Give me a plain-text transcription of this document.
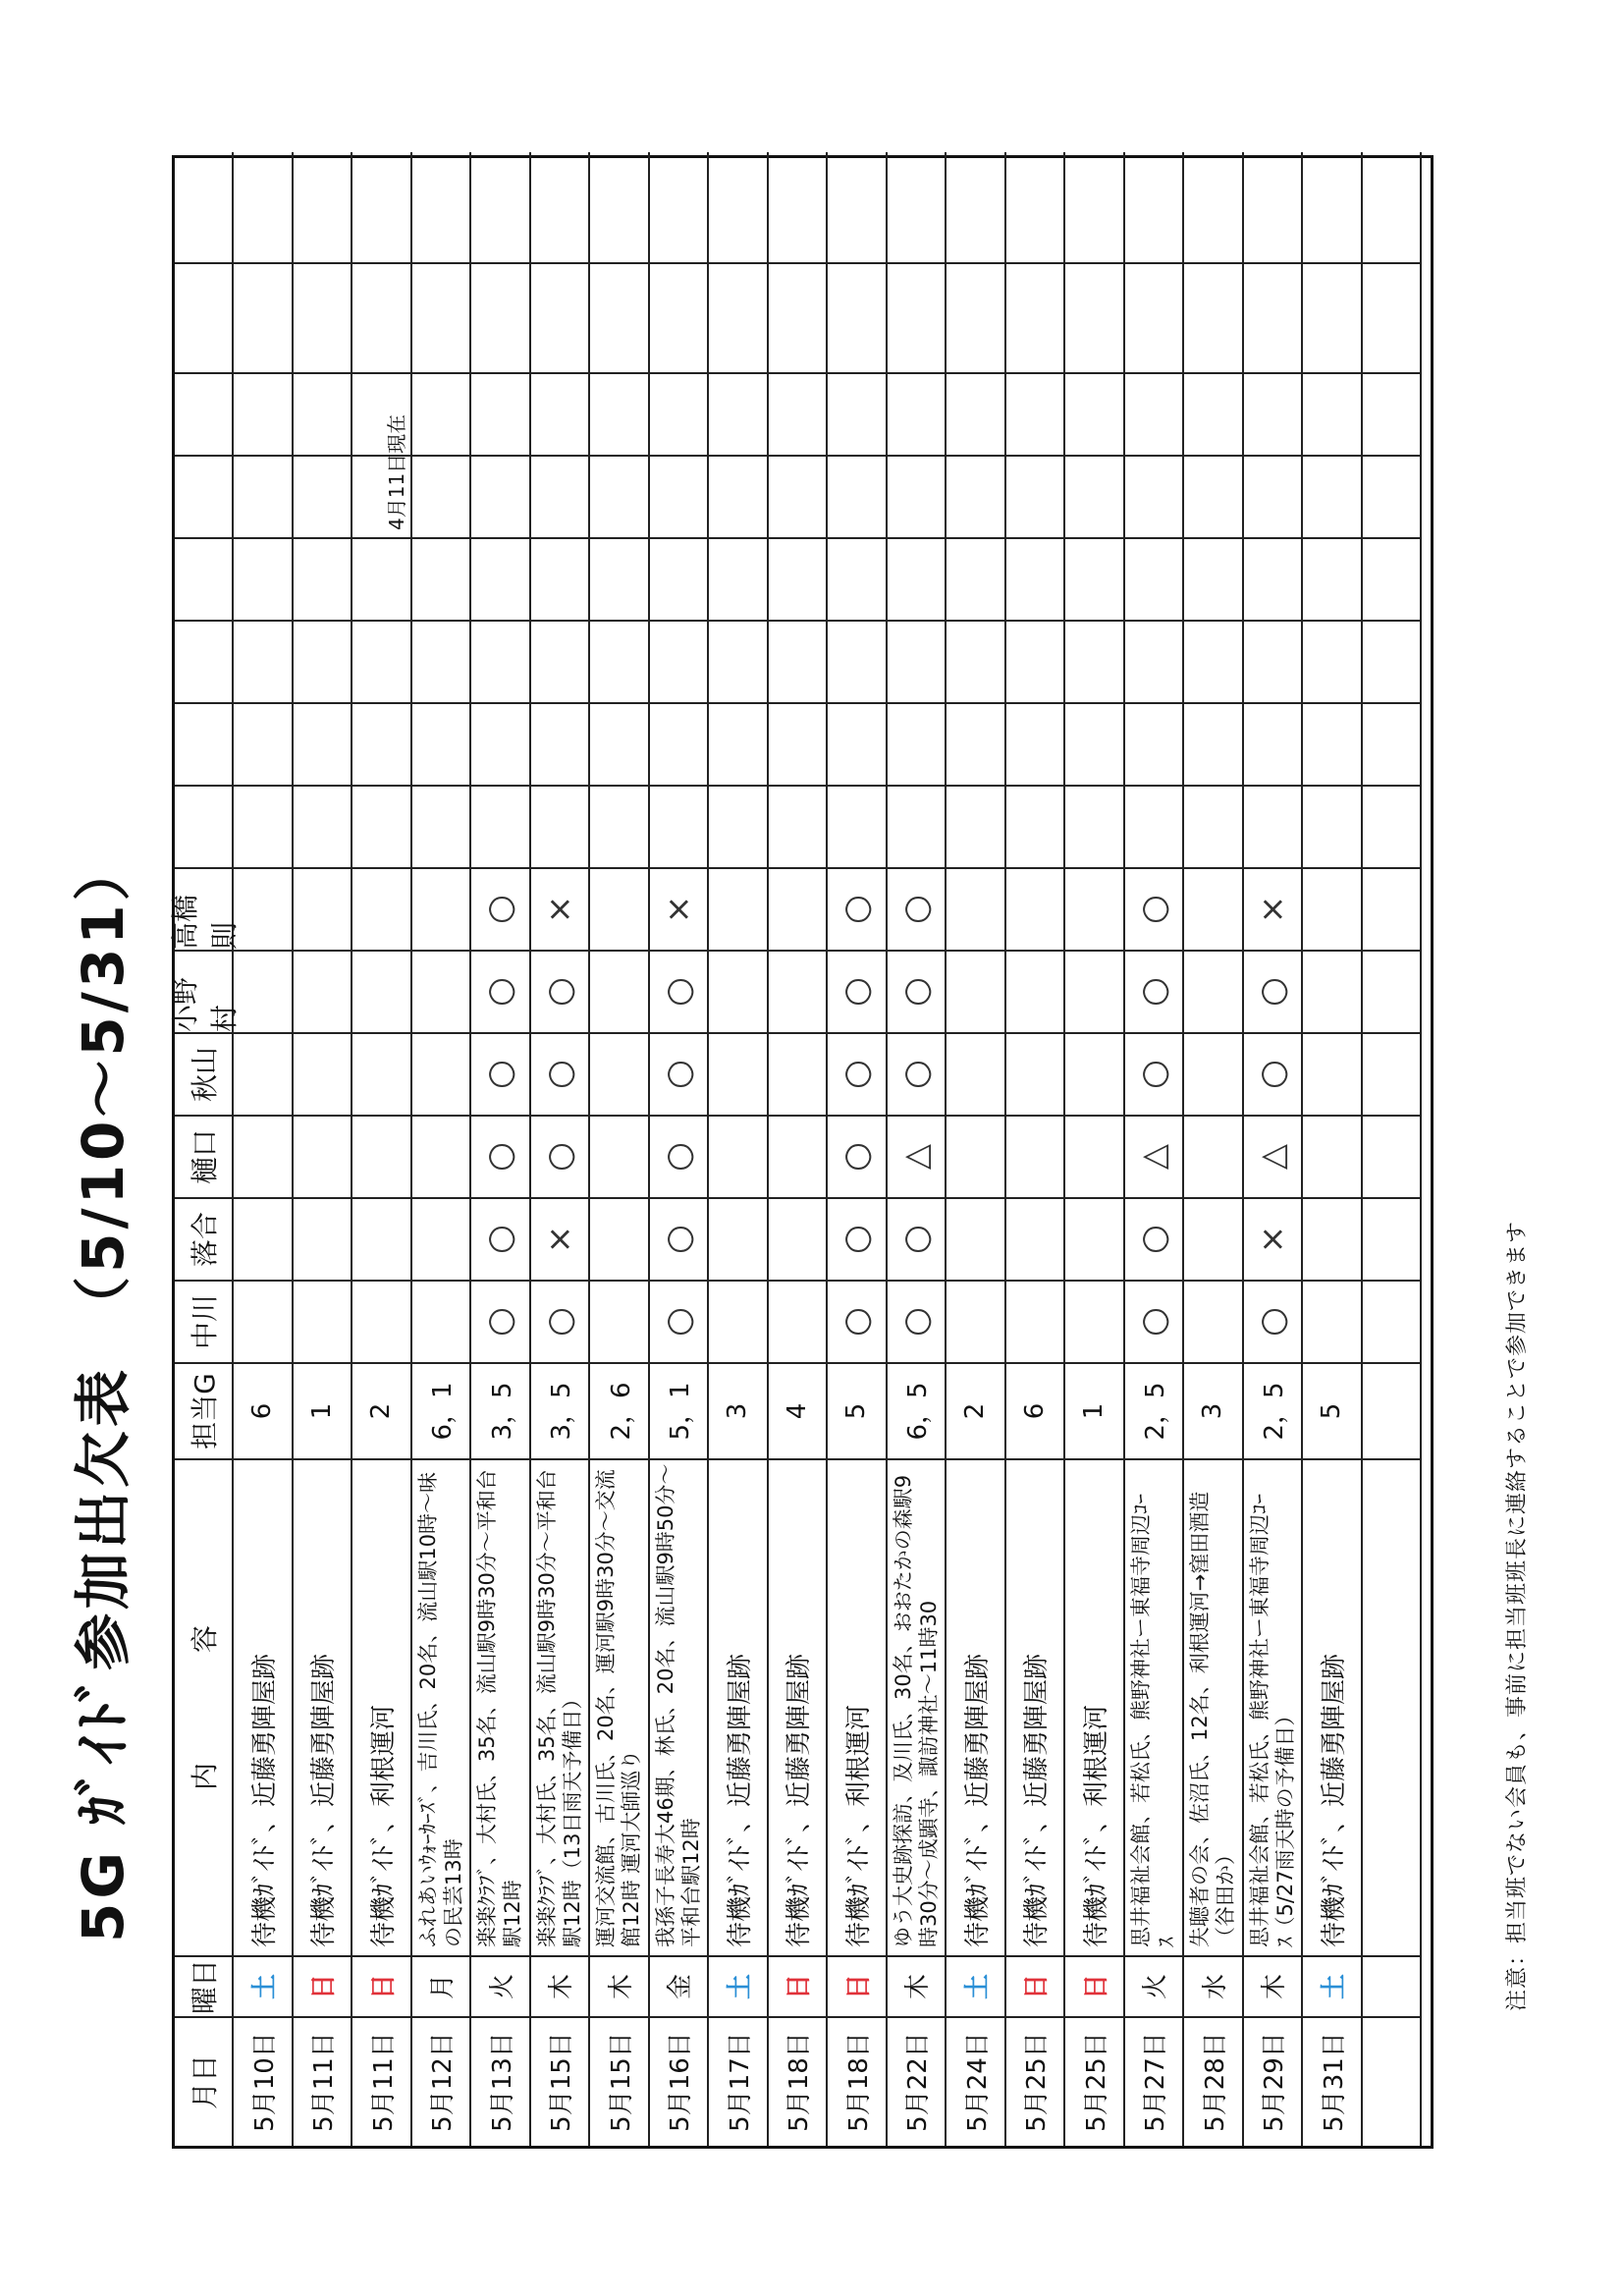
5G ｶﾞｲﾄﾞ参加出欠表　（5/10〜5/31）
4月11日現在
月日
曜日
内　　　　容
担当G
中川
落合
樋口
秋山
小野村
高橋則
5月10日
土
待機ｶﾞｲﾄﾞ、近藤勇陣屋跡
6
5月11日
日
待機ｶﾞｲﾄﾞ、近藤勇陣屋跡
1
5月11日
日
待機ｶﾞｲﾄﾞ、利根運河
2
5月12日
月
ふれあいｳｫｰｶｰｽﾞ、吉川氏、20名、流山駅10時〜味
の民芸13時
6，1
5月13日
火
楽楽ｸﾗﾌﾞ、大村氏、35名、流山駅9時30分〜平和台
駅12時
3，5
○
○
○
○
○
○
5月15日
木
楽楽ｸﾗﾌﾞ、大村氏、35名、流山駅9時30分〜平和台
駅12時（13日雨天予備日）
3，5
○
×
○
○
○
×
5月15日
木
運河交流館、古川氏、20名、運河駅9時30分〜交流
館12時 運河大師巡り
2，6
5月16日
金
我孫子長寿大46期、林氏、20名、流山駅9時50分〜
平和台駅12時
5，1
○
○
○
○
○
×
5月17日
土
待機ｶﾞｲﾄﾞ、近藤勇陣屋跡
3
5月18日
日
待機ｶﾞｲﾄﾞ、近藤勇陣屋跡
4
5月18日
日
待機ｶﾞｲﾄﾞ、利根運河
5
○
○
○
○
○
○
5月22日
木
ゆう大史跡探訪、及川氏、30名、おおたかの森駅9
時30分〜成顕寺、諏訪神社〜11時30
6，5
○
○
△
○
○
○
5月24日
土
待機ｶﾞｲﾄﾞ、近藤勇陣屋跡
2
5月25日
日
待機ｶﾞｲﾄﾞ、近藤勇陣屋跡
6
5月25日
日
待機ｶﾞｲﾄﾞ、利根運河
1
5月27日
火
思井福祉会館、若松氏、熊野神社ー東福寺周辺ｺｰ
ｽ
2，5
○
○
△
○
○
○
5月28日
水
失聴者の会、佐沼氏、12名、利根運河→窪田酒造
（谷田か）
3
5月29日
木
思井福祉会館、若松氏、熊野神社ー東福寺周辺ｺｰ
ｽ（5/27雨天時の予備日）
2，5
○
×
△
○
○
×
5月31日
土
待機ｶﾞｲﾄﾞ、近藤勇陣屋跡
5	注意：担当班でない会員も、事前に担当班班長に連絡することで参加できます
